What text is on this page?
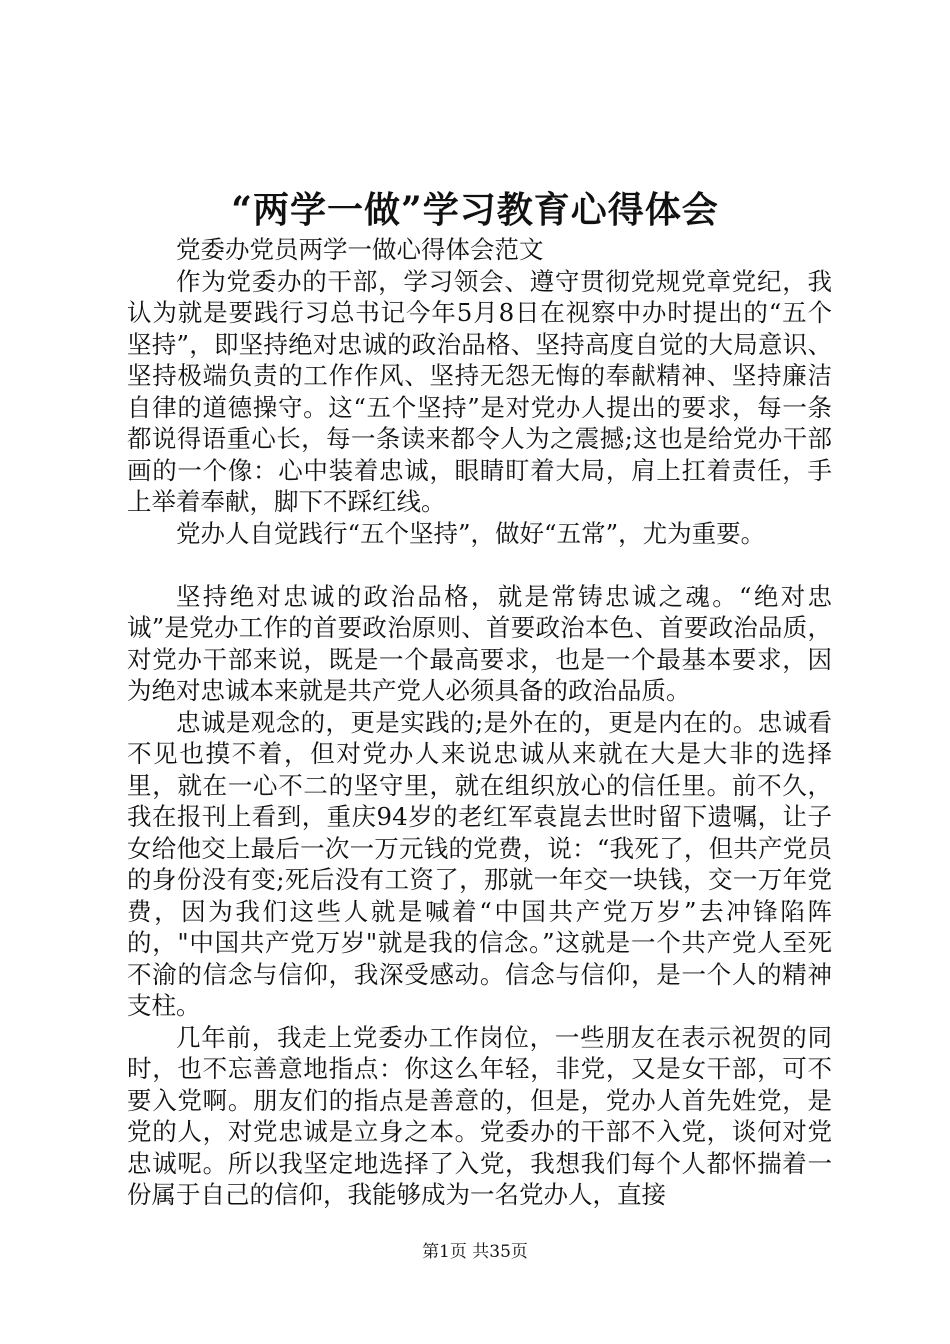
“两学一做”学习教育心得体会

党委办党员两学一做心得体会范文

作为党委办的干部，学习领会、遵守贯彻党规党章党纪，我认为就是要践行习总书记今年5月8日在视察中办时提出的“五个坚持”，即坚持绝对忠诚的政治品格、坚持高度自觉的大局意识、坚持极端负责的工作作风、坚持无怨无悔的奉献精神、坚持廉洁自律的道德操守。这“五个坚持”是对党办人提出的要求，每一条都说得语重心长，每一条读来都令人为之震撼;这也是给党办干部画的一个像：心中装着忠诚，眼睛盯着大局，肩上扛着责任，手上举着奉献，脚下不踩红线。

党办人自觉践行“五个坚持”，做好“五常”，尤为重要。

坚持绝对忠诚的政治品格，就是常铸忠诚之魂。“绝对忠诚”是党办工作的首要政治原则、首要政治本色、首要政治品质，对党办干部来说，既是一个最高要求，也是一个最基本要求，因为绝对忠诚本来就是共产党人必须具备的政治品质。

忠诚是观念的，更是实践的;是外在的，更是内在的。忠诚看不见也摸不着，但对党办人来说忠诚从来就在大是大非的选择里，就在一心不二的坚守里，就在组织放心的信任里。前不久，我在报刊上看到，重庆94岁的老红军袁崑去世时留下遗嘱，让子女给他交上最后一次一万元钱的党费，说：“我死了，但共产党员的身份没有变;死后没有工资了，那就一年交一块钱，交一万年党费，因为我们这些人就是喊着“中国共产党万岁”去冲锋陷阵的，"中国共产党万岁"就是我的信念。”这就是一个共产党人至死不渝的信念与信仰，我深受感动。信念与信仰，是一个人的精神支柱。

几年前，我走上党委办工作岗位，一些朋友在表示祝贺的同时，也不忘善意地指点：你这么年轻，非党，又是女干部，可不要入党啊。朋友们的指点是善意的，但是，党办人首先姓党，是党的人，对党忠诚是立身之本。党委办的干部不入党，谈何对党忠诚呢。所以我坚定地选择了入党，我想我们每个人都怀揣着一份属于自己的信仰，我能够成为一名党办人，直接

第1页 共35页
